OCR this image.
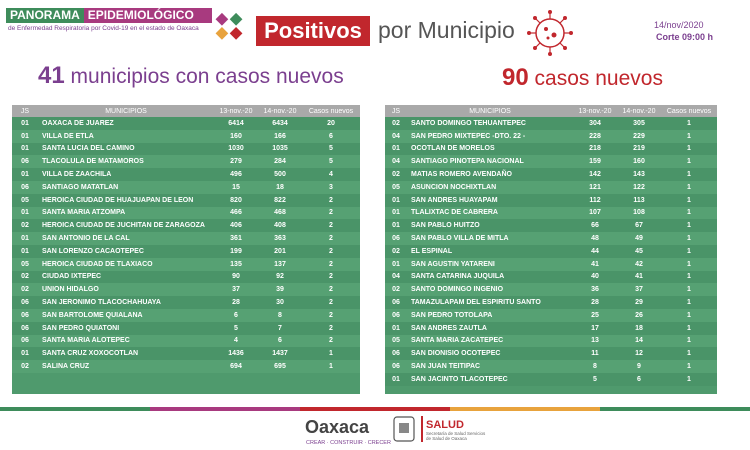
PANORAMA EPIDEMIOLÓGICO
de Enfermedad Respiratoria por Covid-19 en el estado de Oaxaca	Positivos por Municipio	14/nov/2020
Corte 09:00 h
41 municipios con casos nuevos	90 casos nuevos
JS	MUNICIPIOS	13-nov.-20	14-nov.-20	Casos nuevos
01	OAXACA DE JUAREZ	6414	6434	20
01	VILLA DE ETLA	160	166	6
01	SANTA LUCIA DEL CAMINO	1030	1035	5
06	TLACOLULA DE MATAMOROS	279	284	5
01	VILLA DE ZAACHILA	496	500	4
06	SANTIAGO MATATLAN	15	18	3
05	HEROICA CIUDAD DE HUAJUAPAN DE LEON	820	822	2
01	SANTA MARIA ATZOMPA	466	468	2
02	HEROICA CIUDAD DE JUCHITAN DE ZARAGOZA	406	408	2
01	SAN ANTONIO DE LA CAL	361	363	2
01	SAN LORENZO CACAOTEPEC	199	201	2
05	HEROICA CIUDAD DE TLAXIACO	135	137	2
02	CIUDAD IXTEPEC	90	92	2
02	UNION HIDALGO	37	39	2
06	SAN JERONIMO TLACOCHAHUAYA	28	30	2
06	SAN BARTOLOME QUIALANA	6	8	2
06	SAN PEDRO QUIATONI	5	7	2
06	SANTA MARIA ALOTEPEC	4	6	2
01	SANTA CRUZ XOXOCOTLAN	1436	1437	1
02	SALINA CRUZ	694	695	1
JS	MUNICIPIOS	13-nov.-20	14-nov.-20	Casos nuevos
02	SANTO DOMINGO TEHUANTEPEC	304	305	1
04	SAN PEDRO MIXTEPEC -DTO. 22 -	228	229	1
01	OCOTLAN DE MORELOS	218	219	1
04	SANTIAGO PINOTEPA NACIONAL	159	160	1
02	MATIAS ROMERO AVENDAÑO	142	143	1
05	ASUNCION NOCHIXTLAN	121	122	1
01	SAN ANDRES HUAYAPAM	112	113	1
01	TLALIXTAC DE CABRERA	107	108	1
01	SAN PABLO HUITZO	66	67	1
06	SAN PABLO VILLA DE MITLA	48	49	1
02	EL ESPINAL	44	45	1
01	SAN AGUSTIN YATARENI	41	42	1
04	SANTA CATARINA JUQUILA	40	41	1
02	SANTO DOMINGO INGENIO	36	37	1
06	TAMAZULAPAM DEL ESPIRITU SANTO	28	29	1
06	SAN PEDRO TOTOLAPA	25	26	1
01	SAN ANDRES ZAUTLA	17	18	1
05	SANTA MARIA ZACATEPEC	13	14	1
06	SAN DIONISIO OCOTEPEC	11	12	1
06	SAN JUAN TEITIPAC	8	9	1
01	SAN JACINTO TLACOTEPEC	5	6	1
Oaxaca
CREAR · CONSTRUIR · CRECER
SALUD
Secretaría de Salud Servicios de Salud de Oaxaca
